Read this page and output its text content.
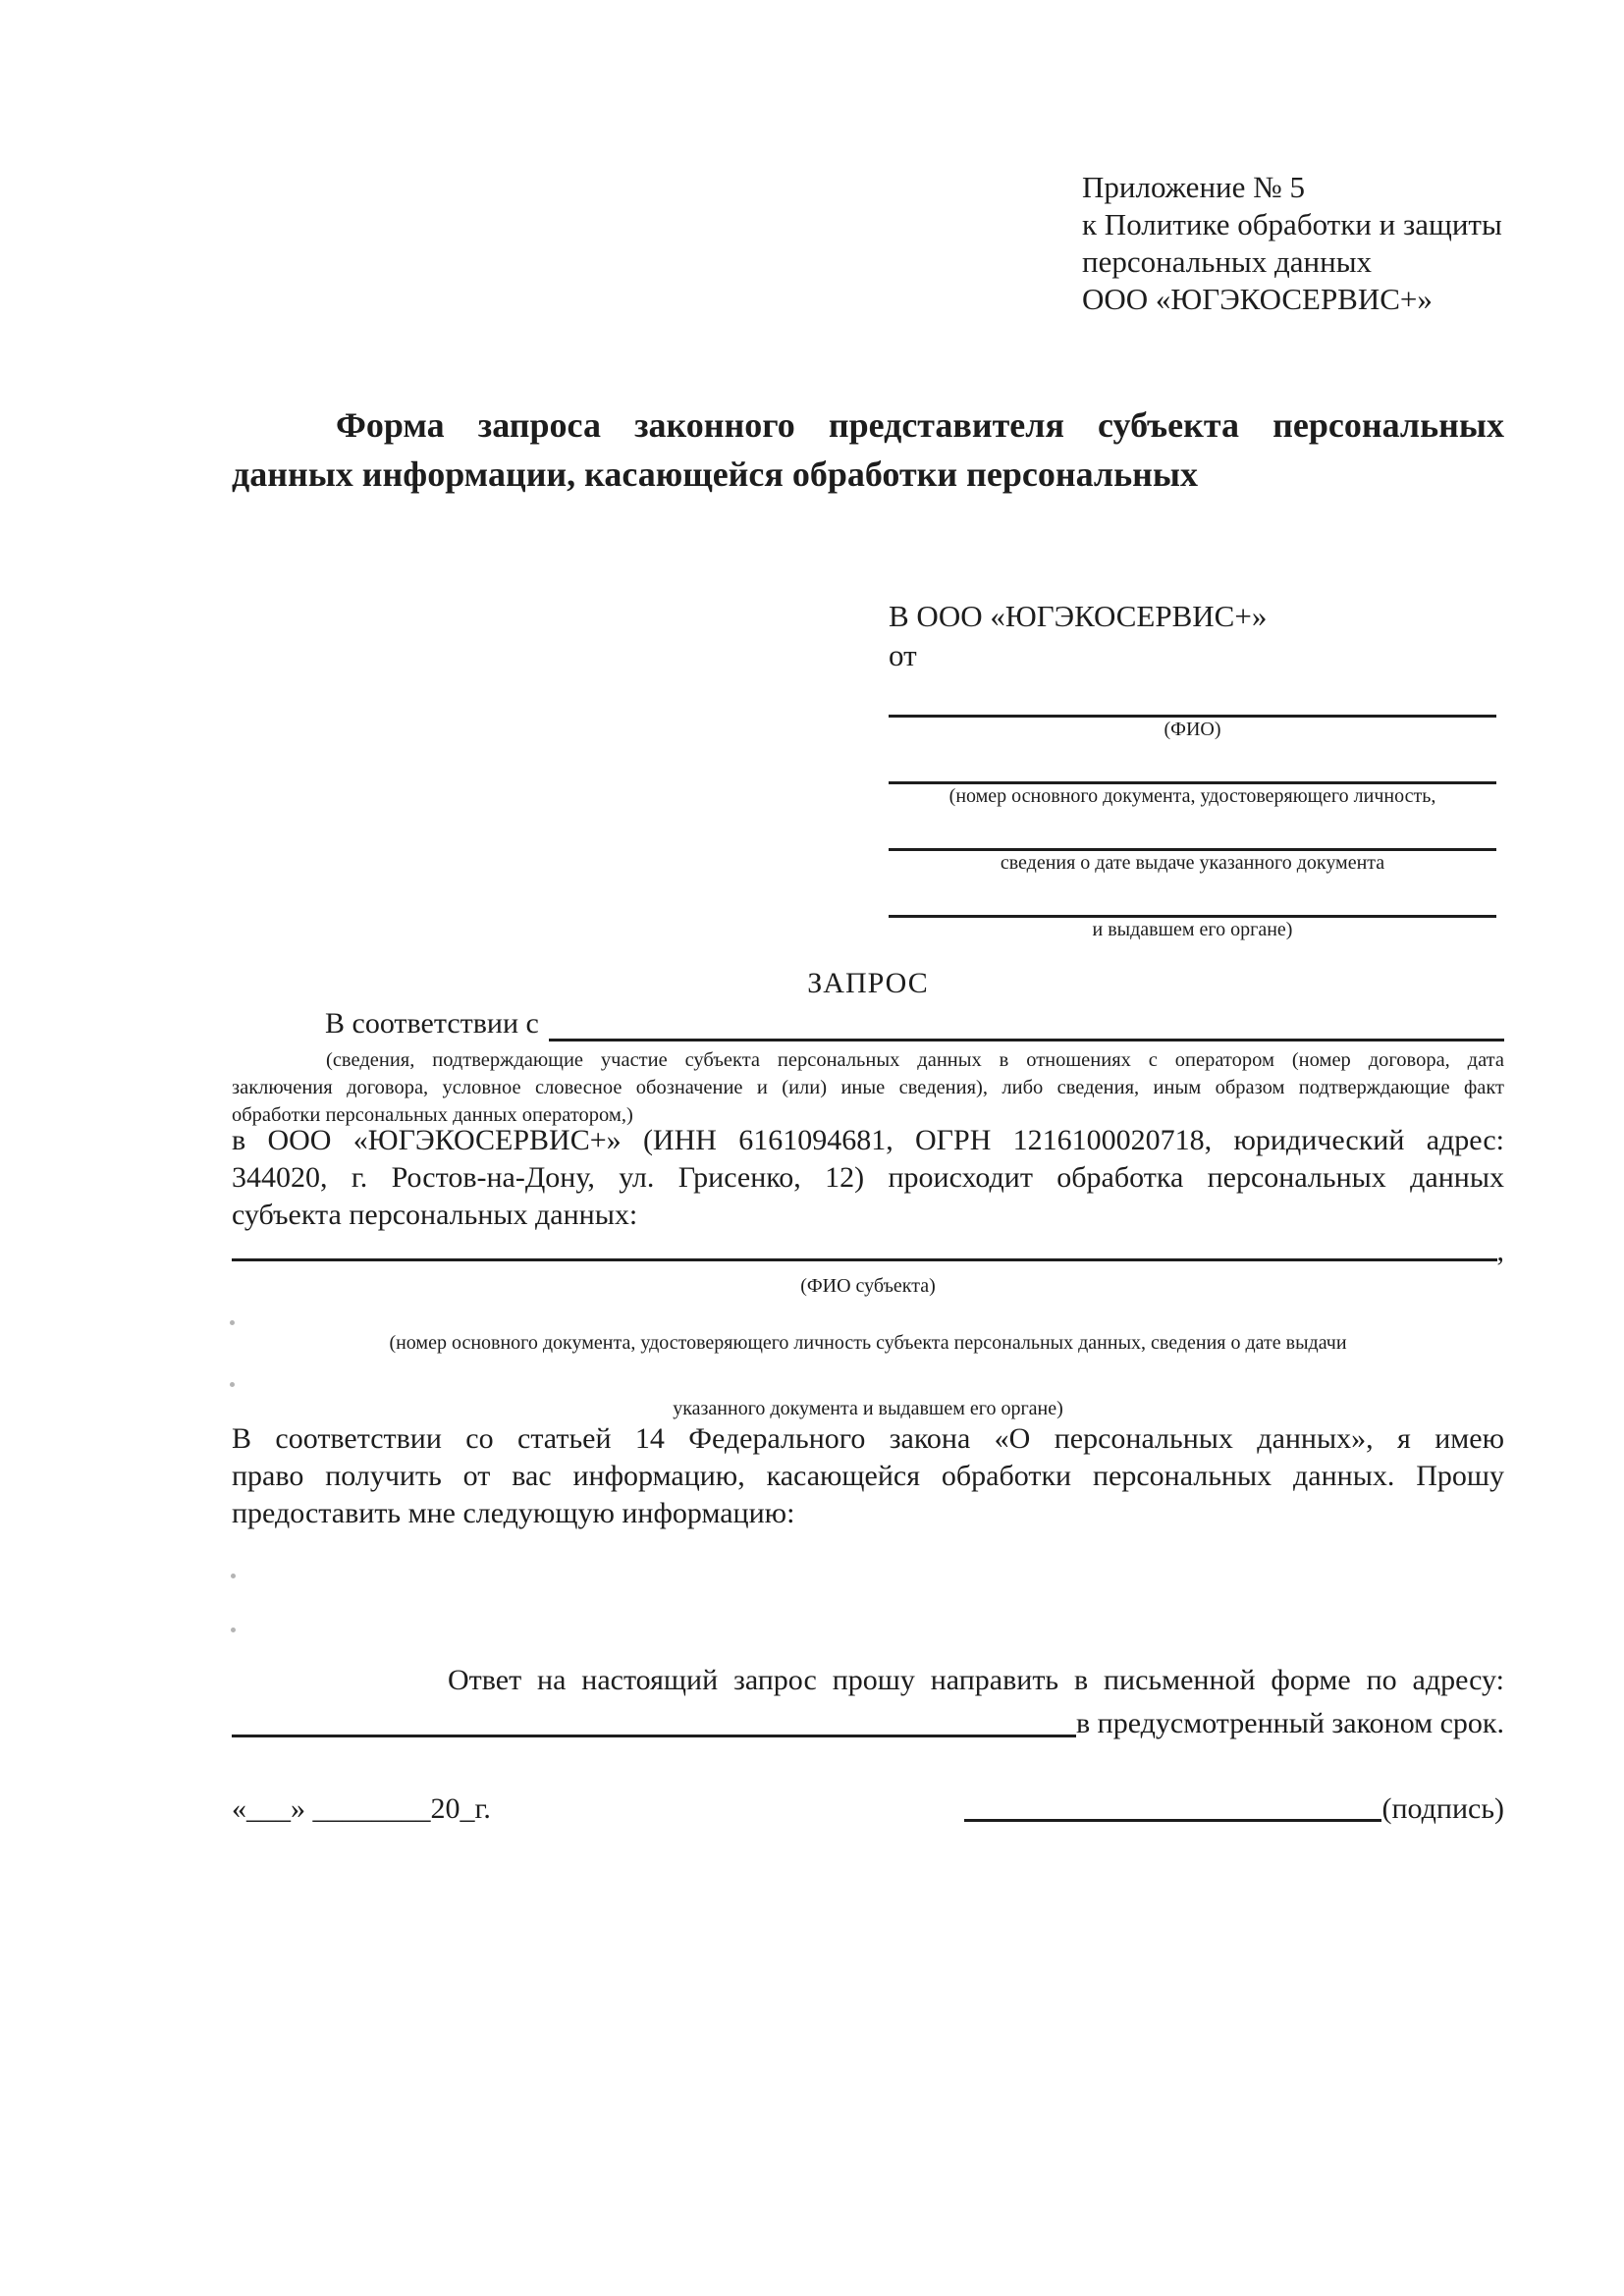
Приложение № 5
к Политике обработки и защиты
персональных данных
ООО «ЮГЭКОСЕРВИС+»
Форма запроса законного представителя субъекта персональных
данных информации, касающейся обработки персональных
В ООО «ЮГЭКОСЕРВИС+»
от
(ФИО)
(номер основного документа, удостоверяющего личность,
сведения о дате выдаче указанного документа
и выдавшем его органе)
ЗАПРОС
В соответствии с
(сведения, подтверждающие участие субъекта персональных данных в отношениях с оператором (номер договора, дата
заключения договора, условное словесное обозначение и (или) иные сведения), либо сведения, иным образом подтверждающие факт
обработки персональных данных оператором,)
в ООО «ЮГЭКОСЕРВИС+» (ИНН 6161094681, ОГРН 1216100020718, юридический адрес:
344020, г. Ростов-на-Дону, ул. Грисенко, 12) происходит обработка персональных данных
субъекта персональных данных:
,
(ФИО субъекта)
(номер основного документа, удостоверяющего личность субъекта персональных данных, сведения о дате выдачи
указанного документа и выдавшем его органе)
В соответствии со статьей 14 Федерального закона «О персональных данных», я имею
право получить от вас информацию, касающейся обработки персональных данных. Прошу
предоставить мне следующую информацию:
Ответ на настоящий запрос прошу направить в письменной форме по адресу:
в предусмотренный законом срок.
«___» ________20_г.	(подпись)
